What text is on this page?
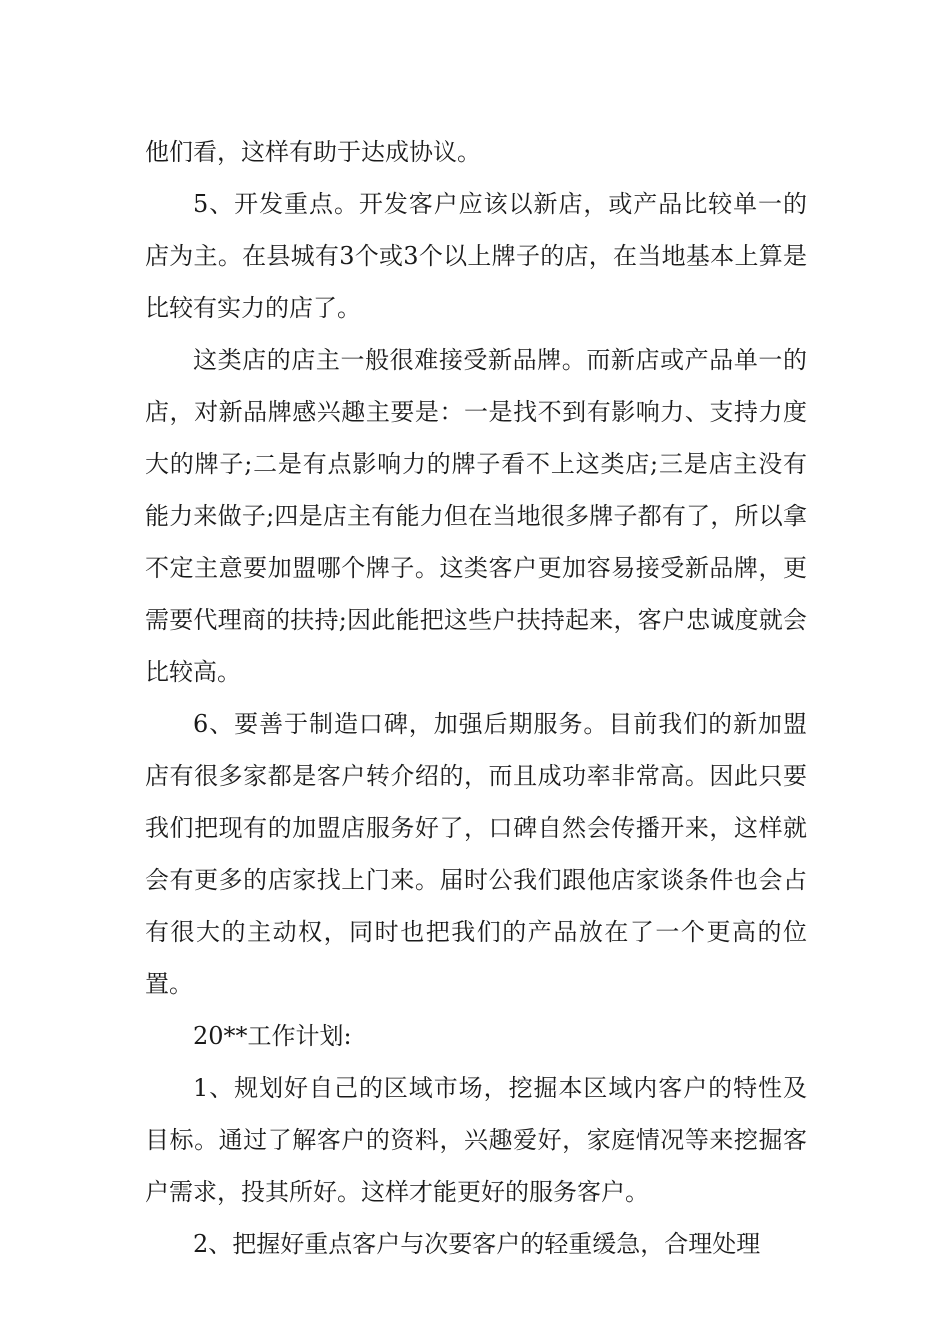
他们看，这样有助于达成协议。

5、开发重点。开发客户应该以新店，或产品比较单一的店为主。在县城有3个或3个以上牌子的店，在当地基本上算是比较有实力的店了。

这类店的店主一般很难接受新品牌。而新店或产品单一的店，对新品牌感兴趣主要是：一是找不到有影响力、支持力度大的牌子;二是有点影响力的牌子看不上这类店;三是店主没有能力来做子;四是店主有能力但在当地很多牌子都有了，所以拿不定主意要加盟哪个牌子。这类客户更加容易接受新品牌，更需要代理商的扶持;因此能把这些户扶持起来，客户忠诚度就会比较高。

6、要善于制造口碑，加强后期服务。目前我们的新加盟店有很多家都是客户转介绍的，而且成功率非常高。因此只要我们把现有的加盟店服务好了，口碑自然会传播开来，这样就会有更多的店家找上门来。届时公我们跟他店家谈条件也会占有很大的主动权，同时也把我们的产品放在了一个更高的位置。

20**工作计划:

1、规划好自己的区域市场，挖掘本区域内客户的特性及目标。通过了解客户的资料，兴趣爱好，家庭情况等来挖掘客户需求，投其所好。这样才能更好的服务客户。

2、把握好重点客户与次要客户的轻重缓急，合理处理
